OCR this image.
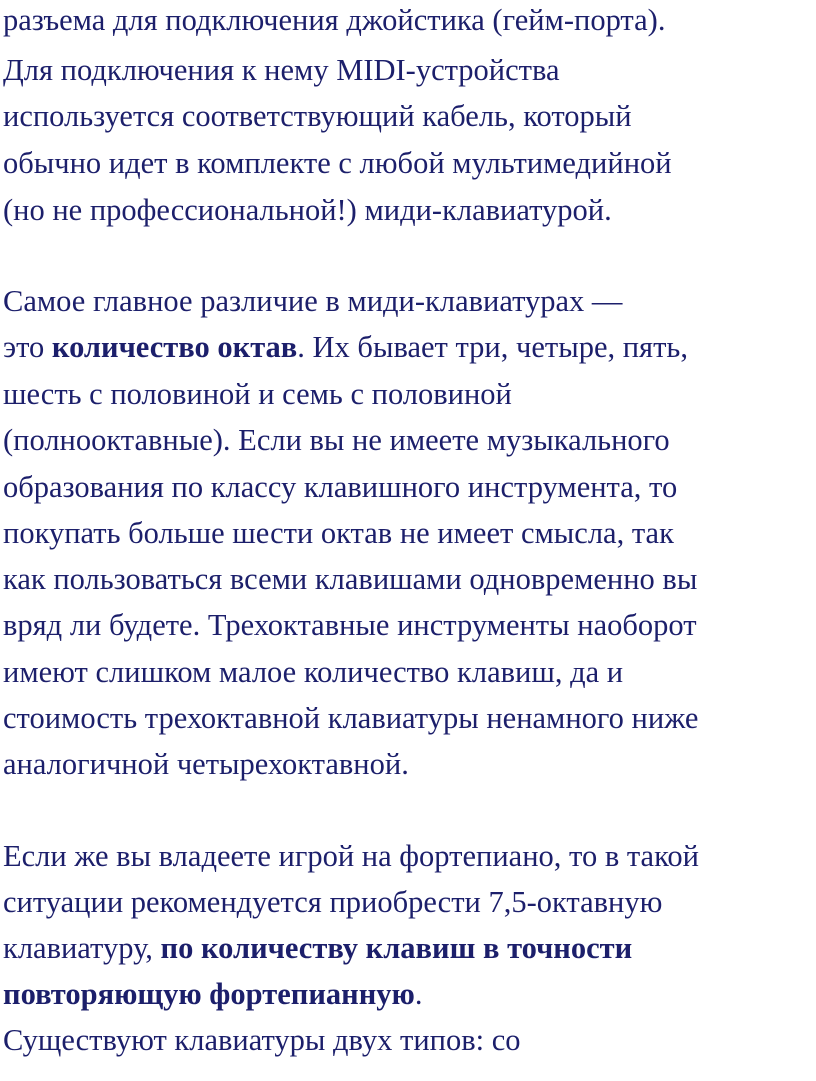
разъема для подключения джойстика (гейм-порта).
Для подключения к нему MIDI-устройства
используется соответствующий кабель, который
обычно идет в комплекте с любой мультимедийной
(но не профессиональной!) миди-клавиатурой.
Самое главное различие в миди-клавиатурах —
это количество октав. Их бывает три, четыре, пять,
шесть с половиной и семь с половиной
(полнооктавные). Если вы не имеете музыкального
образования по классу клавишного инструмента, то
покупать больше шести октав не имеет смысла, так
как пользоваться всеми клавишами одновременно вы
вряд ли будете. Трехоктавные инструменты наоборот
имеют слишком малое количество клавиш, да и
стоимость трехоктавной клавиатуры ненамного ниже
аналогичной четырехоктавной.
Если же вы владеете игрой на фортепиано, то в такой
ситуации рекомендуется приобрести 7,5-октавную
клавиатуру, по количеству клавиш в точности
повторяющую фортепианную.
Существуют клавиатуры двух типов: со
